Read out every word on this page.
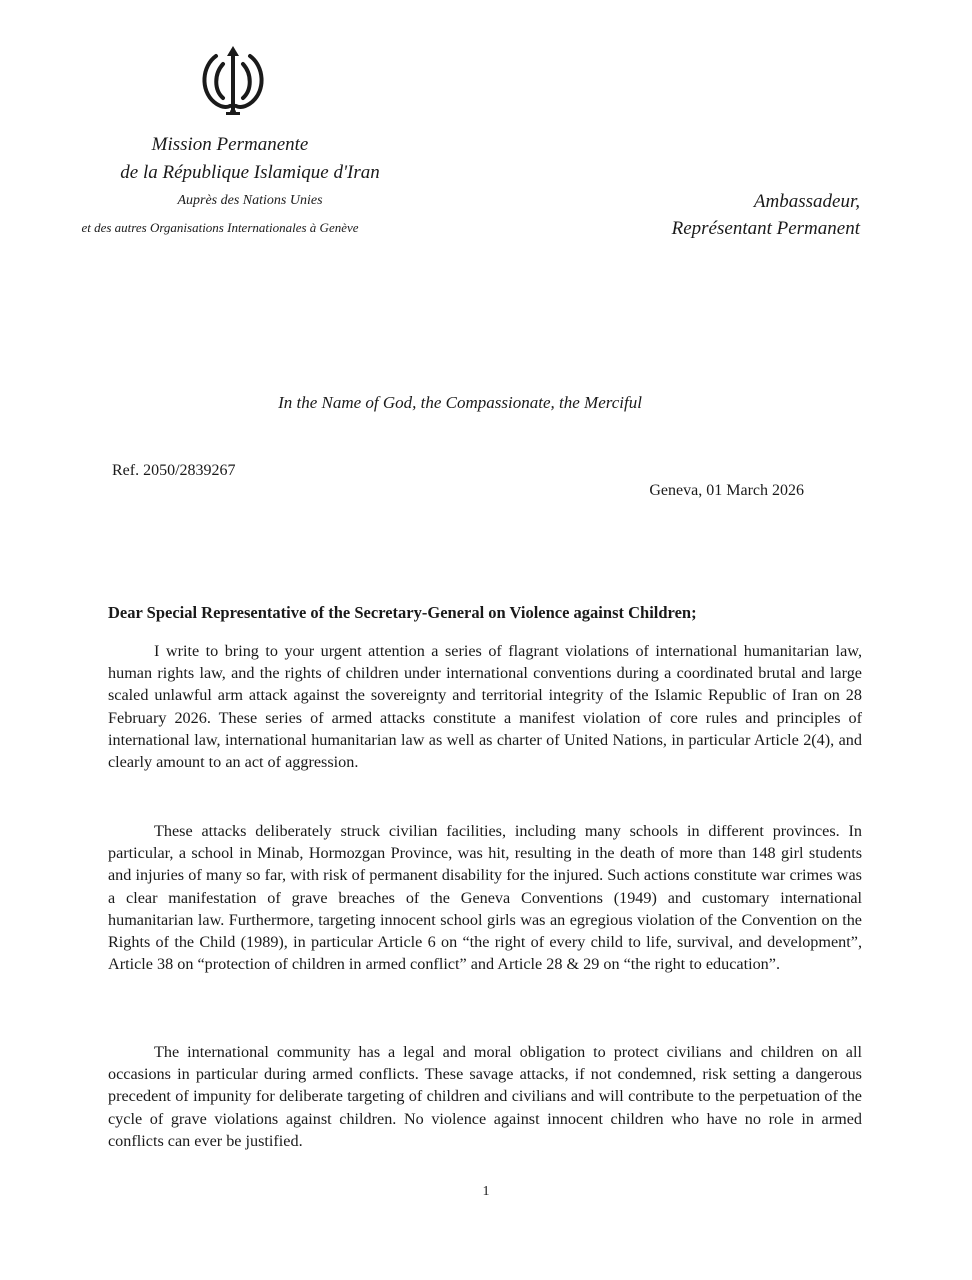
Mission Permanente
de la République Islamique d'Iran
Auprès des Nations Unies
et des autres Organisations Internationales à Genève
Ambassadeur,
Représentant Permanent
In the Name of God, the Compassionate, the Merciful
Ref. 2050/2839267
Geneva, 01 March 2026
Dear Special Representative of the Secretary-General on Violence against Children;

I write to bring to your urgent attention a series of flagrant violations of international humanitarian law, human rights law, and the rights of children under international conventions during a coordinated brutal and large scaled unlawful arm attack against the sovereignty and territorial integrity of the Islamic Republic of Iran on 28 February 2026. These series of armed attacks constitute a manifest violation of core rules and principles of international law, international humanitarian law as well as charter of United Nations, in particular Article 2(4), and clearly amount to an act of aggression.

These attacks deliberately struck civilian facilities, including many schools in different provinces. In particular, a school in Minab, Hormozgan Province, was hit, resulting in the death of more than 148 girl students and injuries of many so far, with risk of permanent disability for the injured. Such actions constitute war crimes was a clear manifestation of grave breaches of the Geneva Conventions (1949) and customary international humanitarian law. Furthermore, targeting innocent school girls was an egregious violation of the Convention on the Rights of the Child (1989), in particular Article 6 on “the right of every child to life, survival, and development”, Article 38 on “protection of children in armed conflict” and Article 28 & 29 on “the right to education”.

The international community has a legal and moral obligation to protect civilians and children on all occasions in particular during armed conflicts. These savage attacks, if not condemned, risk setting a dangerous precedent of impunity for deliberate targeting of children and civilians and will contribute to the perpetuation of the cycle of grave violations against children. No violence against innocent children who have no role in armed conflicts can ever be justified.

1
